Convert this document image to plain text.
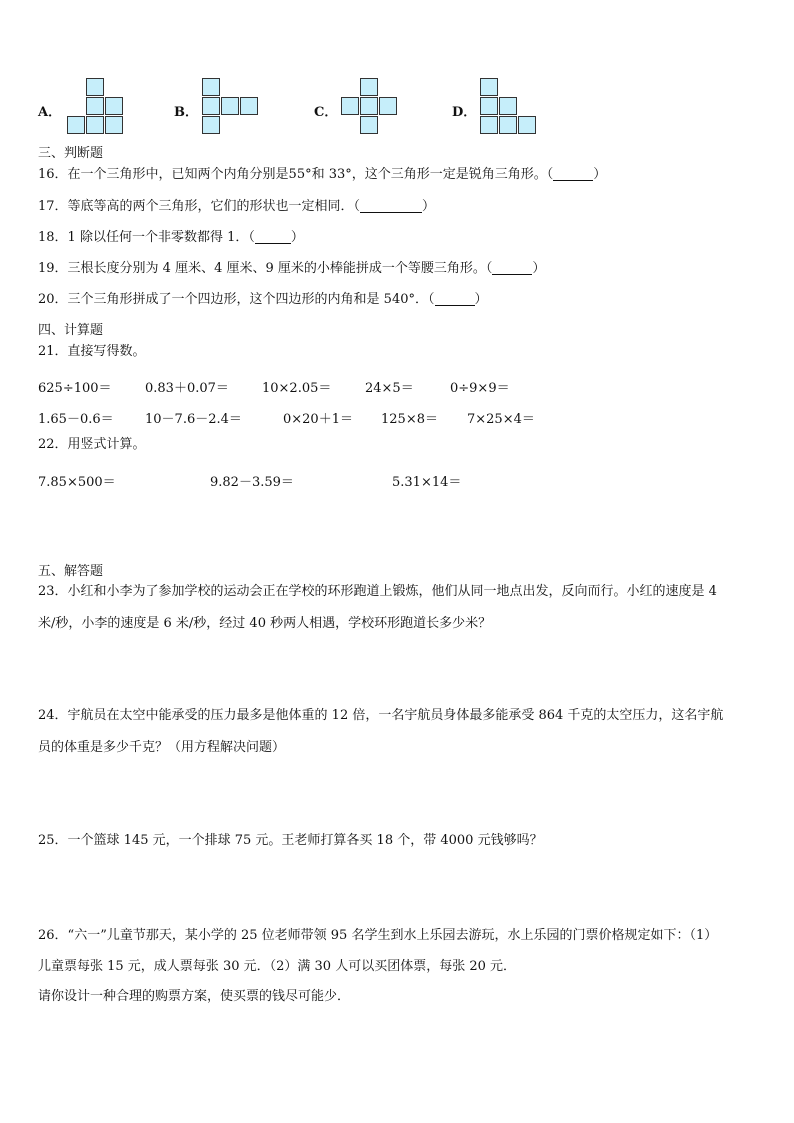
A．	B．	C．	D．
三、判断题
16．在一个三角形中，已知两个内角分别是55°和 33°，这个三角形一定是锐角三角形。（	）
17．等底等高的两个三角形，它们的形状也一定相同．（	）
18．1 除以任何一个非零数都得 1．（	）
19．三根长度分别为 4 厘米、4 厘米、9 厘米的小棒能拼成一个等腰三角形。（	）
20．三个三角形拼成了一个四边形，这个四边形的内角和是 540°．（	）
四、计算题
21．直接写得数。
625÷100＝	0.83＋0.07＝	10×2.05＝	24×5＝	0÷9×9＝
1.65－0.6＝ 10－7.6－2.4＝	0×20＋1＝ 125×8＝ 7×25×4＝
22．用竖式计算。
7.85×500＝	9.82－3.59＝	5.31×14＝
五、解答题
23．小红和小李为了参加学校的运动会正在学校的环形跑道上锻炼，他们从同一地点出发，反向而行。小红的速度是 4
米/秒，小李的速度是 6 米/秒，经过 40 秒两人相遇，学校环形跑道长多少米？
24．宇航员在太空中能承受的压力最多是他体重的 12 倍，一名宇航员身体最多能承受 864 千克的太空压力，这名宇航
员的体重是多少千克？（用方程解决问题）
25．一个篮球 145 元，一个排球 75 元。王老师打算各买 18 个，带 4000 元钱够吗？
26．“六一”儿童节那天，某小学的 25 位老师带领 95 名学生到水上乐园去游玩，水上乐园的门票价格规定如下：（1）
儿童票每张 15 元，成人票每张 30 元．（2）满 30 人可以买团体票，每张 20 元．
请你设计一种合理的购票方案，使买票的钱尽可能少．
